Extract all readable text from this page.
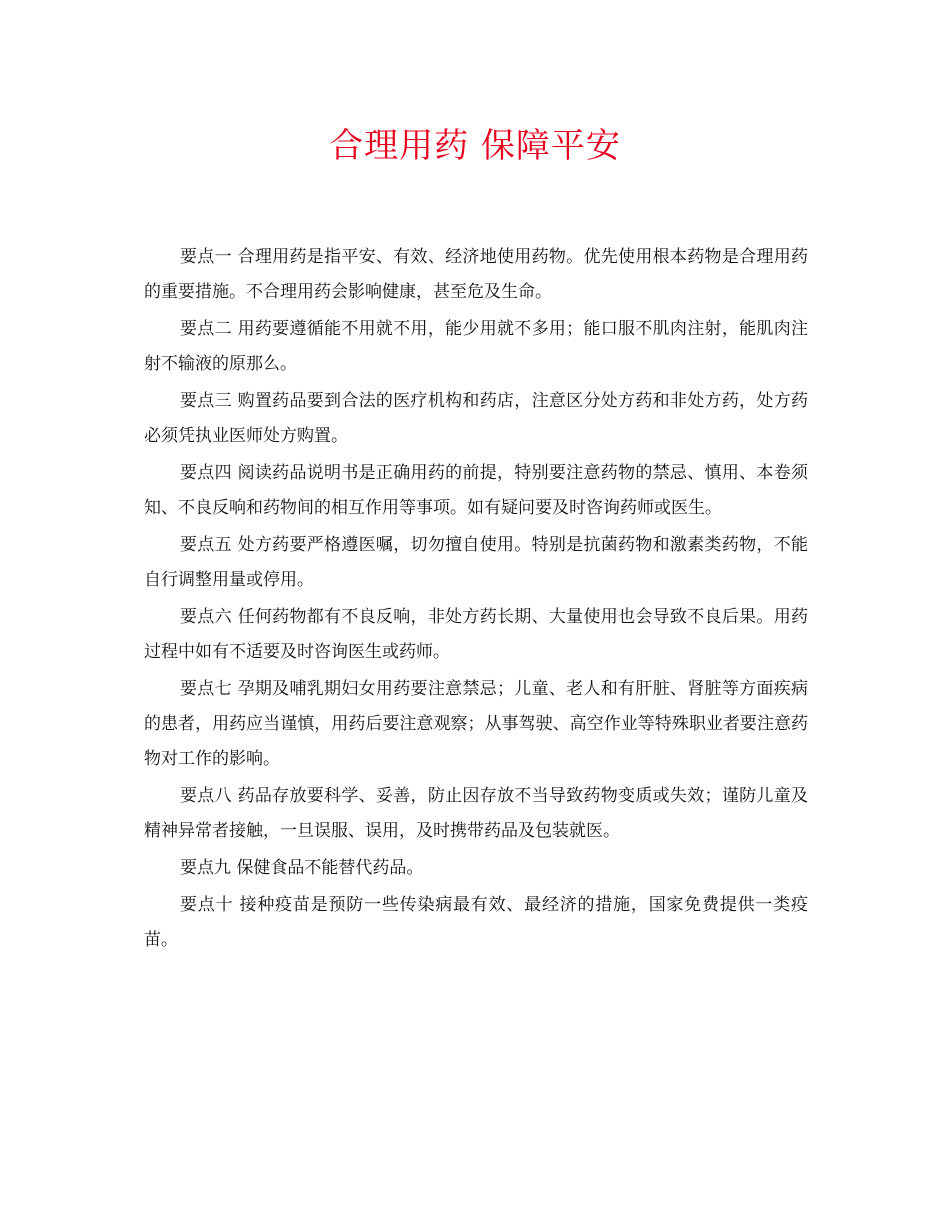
合理用药 保障平安

要点一 合理用药是指平安、有效、经济地使用药物。优先使用根本药物是合理用药的重要措施。不合理用药会影响健康，甚至危及生命。

要点二 用药要遵循能不用就不用，能少用就不多用；能口服不肌肉注射，能肌肉注射不输液的原那么。

要点三 购置药品要到合法的医疗机构和药店，注意区分处方药和非处方药，处方药必须凭执业医师处方购置。

要点四 阅读药品说明书是正确用药的前提，特别要注意药物的禁忌、慎用、本卷须知、不良反响和药物间的相互作用等事项。如有疑问要及时咨询药师或医生。

要点五 处方药要严格遵医嘱，切勿擅自使用。特别是抗菌药物和激素类药物，不能自行调整用量或停用。

要点六 任何药物都有不良反响，非处方药长期、大量使用也会导致不良后果。用药过程中如有不适要及时咨询医生或药师。

要点七 孕期及哺乳期妇女用药要注意禁忌；儿童、老人和有肝脏、肾脏等方面疾病的患者，用药应当谨慎，用药后要注意观察；从事驾驶、高空作业等特殊职业者要注意药物对工作的影响。

要点八 药品存放要科学、妥善，防止因存放不当导致药物变质或失效；谨防儿童及精神异常者接触，一旦误服、误用，及时携带药品及包装就医。

要点九 保健食品不能替代药品。

要点十 接种疫苗是预防一些传染病最有效、最经济的措施，国家免费提供一类疫苗。
